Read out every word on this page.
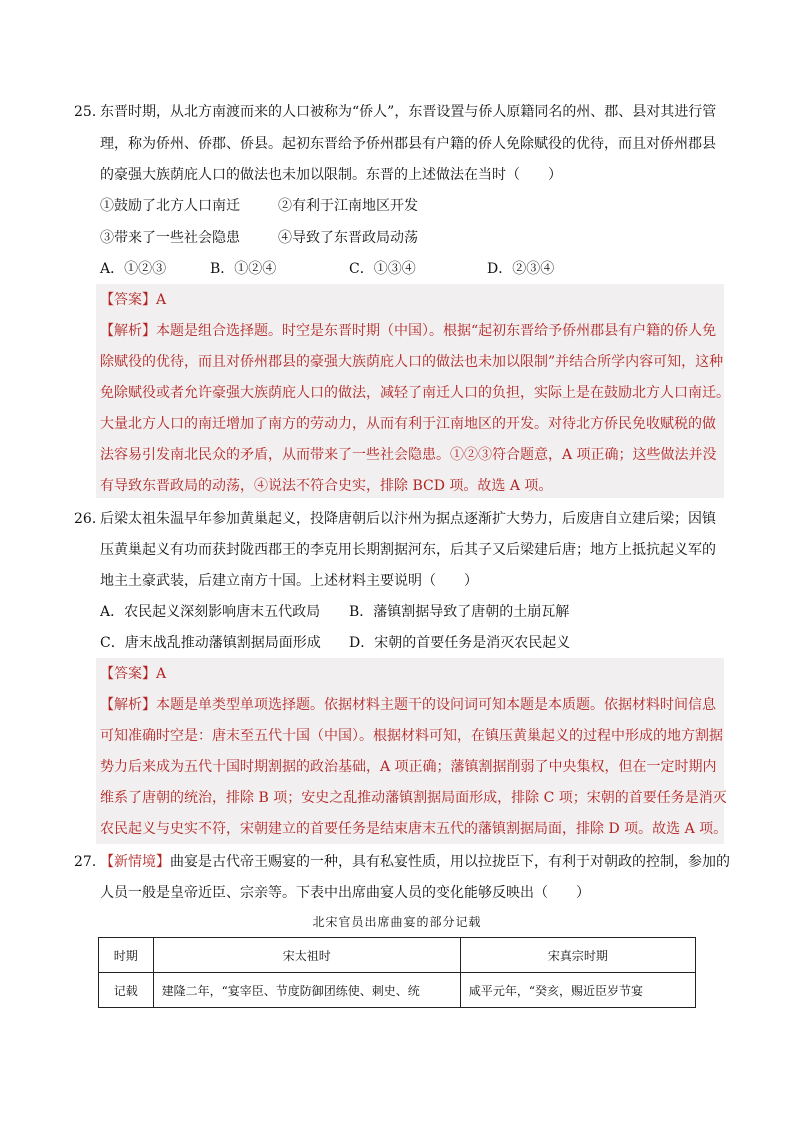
25．
东晋时期，从北方南渡而来的人口被称为“侨人”，东晋设置与侨人原籍同名的州、郡、县对其进行管
理，称为侨州、侨郡、侨县。起初东晋给予侨州郡县有户籍的侨人免除赋役的优待，而且对侨州郡县
的豪强大族荫庇人口的做法也未加以限制。东晋的上述做法在当时（　　）
①鼓励了北方人口南迁	②有利于江南地区开发
③带来了一些社会隐患	④导致了东晋政局动荡
A．①②③	B．①②④	C．①③④	D．②③④
【答案】A
【解析】本题是组合选择题。时空是东晋时期（中国）。根据“起初东晋给予侨州郡县有户籍的侨人免
除赋役的优待，而且对侨州郡县的豪强大族荫庇人口的做法也未加以限制”并结合所学内容可知，这种
免除赋役或者允许豪强大族荫庇人口的做法，减轻了南迁人口的负担，实际上是在鼓励北方人口南迁。
大量北方人口的南迁增加了南方的劳动力，从而有利于江南地区的开发。对待北方侨民免收赋税的做
法容易引发南北民众的矛盾，从而带来了一些社会隐患。①②③符合题意，A 项正确；这些做法并没
有导致东晋政局的动荡，④说法不符合史实，排除 BCD 项。故选 A 项。
26．
后梁太祖朱温早年参加黄巢起义，投降唐朝后以汴州为据点逐渐扩大势力，后废唐自立建后梁；因镇
压黄巢起义有功而获封陇西郡王的李克用长期割据河东，后其子又后梁建后唐；地方上抵抗起义军的
地主土豪武装，后建立南方十国。上述材料主要说明（　　）
A．农民起义深刻影响唐末五代政局 B．藩镇割据导致了唐朝的土崩瓦解
C．唐末战乱推动藩镇割据局面形成 D．宋朝的首要任务是消灭农民起义
【答案】A
【解析】本题是单类型单项选择题。依据材料主题干的设问词可知本题是本质题。依据材料时间信息
可知准确时空是：唐末至五代十国（中国）。根据材料可知，在镇压黄巢起义的过程中形成的地方割据
势力后来成为五代十国时期割据的政治基础，A 项正确；藩镇割据削弱了中央集权，但在一定时期内
维系了唐朝的统治，排除 B 项；安史之乱推动藩镇割据局面形成，排除 C 项；宋朝的首要任务是消灭
农民起义与史实不符，宋朝建立的首要任务是结束唐末五代的藩镇割据局面，排除 D 项。故选 A 项。
27．
【新情境】曲宴是古代帝王赐宴的一种，具有私宴性质，用以拉拢臣下，有利于对朝政的控制，参加的
人员一般是皇帝近臣、宗亲等。下表中出席曲宴人员的变化能够反映出（　　）
北宋官员出席曲宴的部分记载
时期	宋太祖时	宋真宗时期
记载	建隆二年，“宴宰臣、节度防御团练使、刺史、统	咸平元年，“癸亥，赐近臣岁节宴
